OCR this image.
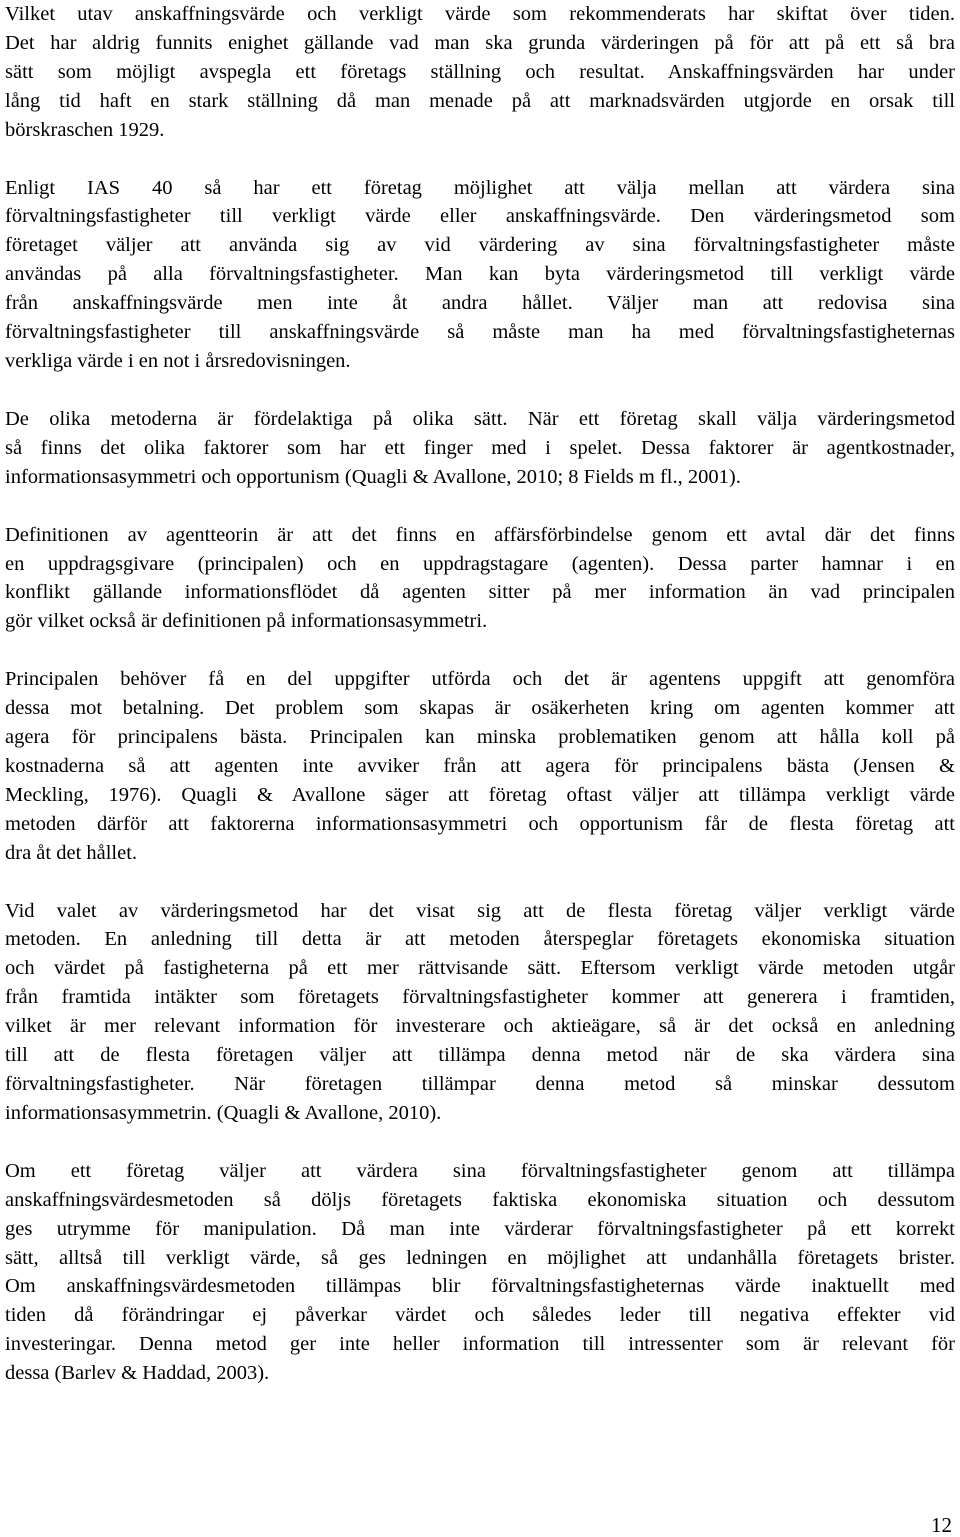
Vilket utav anskaffningsvärde och verkligt värde som rekommenderats har skiftat över tiden.
Det har aldrig funnits enighet gällande vad man ska grunda värderingen på för att på ett så bra
sätt som möjligt avspegla ett företags ställning och resultat. Anskaffningsvärden har under
lång tid haft en stark ställning då man menade på att marknadsvärden utgjorde en orsak till
börskraschen 1929.

Enligt IAS 40 så har ett företag möjlighet att välja mellan att värdera sina
förvaltningsfastigheter till verkligt värde eller anskaffningsvärde. Den värderingsmetod som
företaget väljer att använda sig av vid värdering av sina förvaltningsfastigheter måste
användas på alla förvaltningsfastigheter. Man kan byta värderingsmetod till verkligt värde
från anskaffningsvärde men inte åt andra hållet. Väljer man att redovisa sina
förvaltningsfastigheter till anskaffningsvärde så måste man ha med förvaltningsfastigheternas
verkliga värde i en not i årsredovisningen.

De olika metoderna är fördelaktiga på olika sätt. När ett företag skall välja värderingsmetod
så finns det olika faktorer som har ett finger med i spelet. Dessa faktorer är agentkostnader,
informationsasymmetri och opportunism (Quagli & Avallone, 2010; 8 Fields m fl., 2001).

Definitionen av agentteorin är att det finns en affärsförbindelse genom ett avtal där det finns
en uppdragsgivare (principalen) och en uppdragstagare (agenten). Dessa parter hamnar i en
konflikt gällande informationsflödet då agenten sitter på mer information än vad principalen
gör vilket också är definitionen på informationsasymmetri.

Principalen behöver få en del uppgifter utförda och det är agentens uppgift att genomföra
dessa mot betalning. Det problem som skapas är osäkerheten kring om agenten kommer att
agera för principalens bästa. Principalen kan minska problematiken genom att hålla koll på
kostnaderna så att agenten inte avviker från att agera för principalens bästa (Jensen &
Meckling, 1976). Quagli & Avallone säger att företag oftast väljer att tillämpa verkligt värde
metoden därför att faktorerna informationsasymmetri och opportunism får de flesta företag att
dra åt det hållet.

Vid valet av värderingsmetod har det visat sig att de flesta företag väljer verkligt värde
metoden. En anledning till detta är att metoden återspeglar företagets ekonomiska situation
och värdet på fastigheterna på ett mer rättvisande sätt. Eftersom verkligt värde metoden utgår
från framtida intäkter som företagets förvaltningsfastigheter kommer att generera i framtiden,
vilket är mer relevant information för investerare och aktieägare, så är det också en anledning
till att de flesta företagen väljer att tillämpa denna metod när de ska värdera sina
förvaltningsfastigheter. När företagen tillämpar denna metod så minskar dessutom
informationsasymmetrin. (Quagli & Avallone, 2010).

Om ett företag väljer att värdera sina förvaltningsfastigheter genom att tillämpa
anskaffningsvärdesmetoden så döljs företagets faktiska ekonomiska situation och dessutom
ges utrymme för manipulation. Då man inte värderar förvaltningsfastigheter på ett korrekt
sätt, alltså till verkligt värde, så ges ledningen en möjlighet att undanhålla företagets brister.
Om anskaffningsvärdesmetoden tillämpas blir förvaltningsfastigheternas värde inaktuellt med
tiden då förändringar ej påverkar värdet och således leder till negativa effekter vid
investeringar. Denna metod ger inte heller information till intressenter som är relevant för
dessa (Barlev & Haddad, 2003).

12
